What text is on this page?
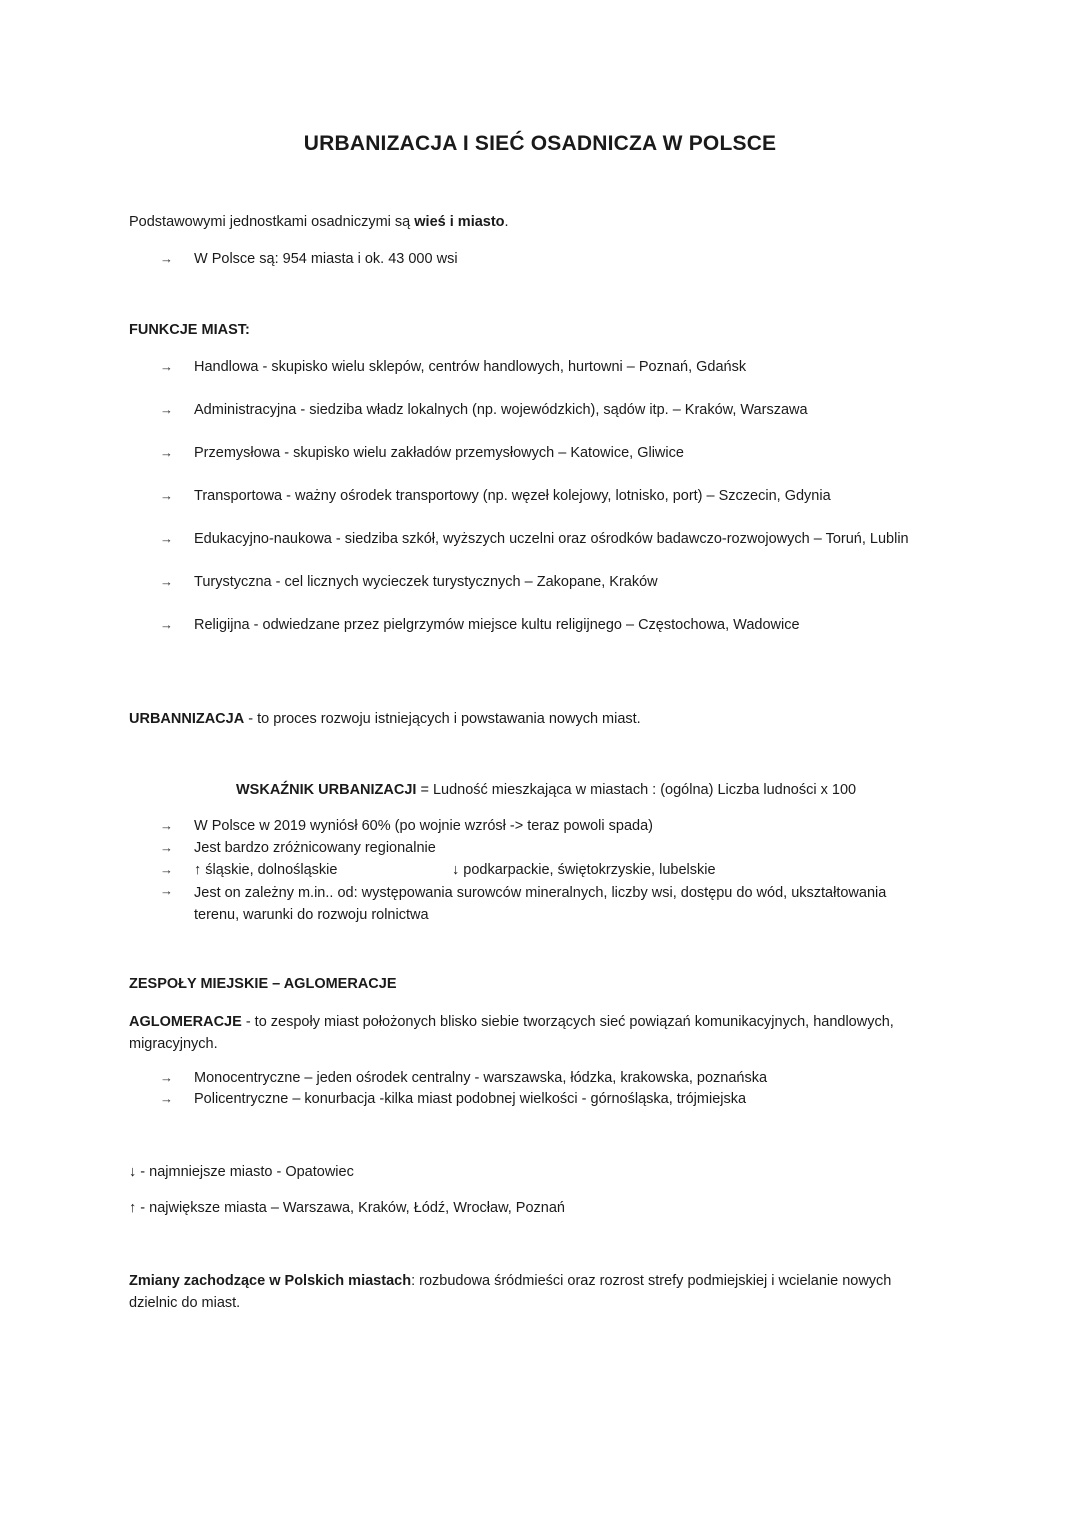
URBANIZACJA I SIEĆ OSADNICZA W POLSCE
Podstawowymi jednostkami osadniczymi są wieś i miasto.
→ W Polsce są: 954 miasta i ok. 43 000 wsi
FUNKCJE MIAST:
→ Handlowa - skupisko wielu sklepów, centrów handlowych, hurtowni – Poznań, Gdańsk
→ Administracyjna - siedziba władz lokalnych (np. wojewódzkich), sądów itp. – Kraków, Warszawa
→ Przemysłowa - skupisko wielu zakładów przemysłowych – Katowice, Gliwice
→ Transportowa - ważny ośrodek transportowy (np. węzeł kolejowy, lotnisko, port) – Szczecin, Gdynia
→ Edukacyjno-naukowa - siedziba szkół, wyższych uczelni oraz ośrodków badawczo-rozwojowych – Toruń, Lublin
→ Turystyczna - cel licznych wycieczek turystycznych – Zakopane, Kraków
→ Religijna - odwiedzane przez pielgrzymów miejsce kultu religijnego – Częstochowa, Wadowice
URBANNIZACJA - to proces rozwoju istniejących i powstawania nowych miast.
WSKAŹNIK URBANIZACJI = Ludność mieszkająca w miastach : (ogólna) Liczba ludności x 100
→ W Polsce w 2019 wyniósł 60% (po wojnie wzrósł -> teraz powoli spada)
→ Jest bardzo zróżnicowany regionalnie
→ ↑ śląskie, dolnośląskie	↓ podkarpackie, świętokrzyskie, lubelskie
→ Jest on zależny m.in.. od: występowania surowców mineralnych, liczby wsi, dostępu do wód, ukształtowania terenu, warunki do rozwoju rolnictwa
ZESPOŁY MIEJSKIE – AGLOMERACJE
AGLOMERACJE - to zespoły miast położonych blisko siebie tworzących sieć powiązań komunikacyjnych, handlowych, migracyjnych.
→ Monocentryczne – jeden ośrodek centralny - warszawska, łódzka, krakowska, poznańska
→ Policentryczne – konurbacja -kilka miast podobnej wielkości - górnośląska, trójmiejska
↓ - najmniejsze miasto - Opatowiec
↑ - największe miasta – Warszawa, Kraków, Łódź, Wrocław, Poznań
Zmiany zachodzące w Polskich miastach: rozbudowa śródmieści oraz rozrost strefy podmiejskiej i wcielanie nowych dzielnic do miast.
